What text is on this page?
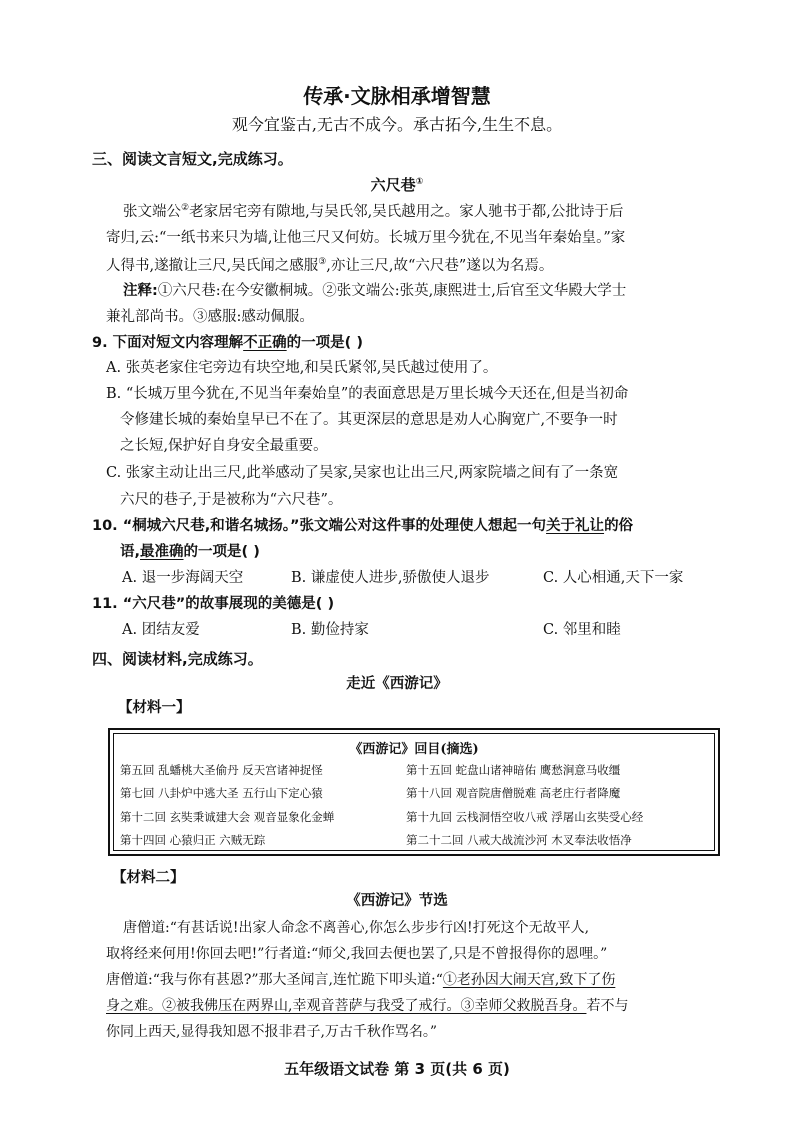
传承·文脉相承增智慧
观今宜鉴古,无古不成今。承古拓今,生生不息。
三、阅读文言短文,完成练习。
六尺巷①
张文端公②老家居宅旁有隙地,与吴氏邻,吴氏越用之。家人驰书于都,公批诗于后
寄归,云:“一纸书来只为墙,让他三尺又何妨。长城万里今犹在,不见当年秦始皇。”家
人得书,遂撤让三尺,吴氏闻之感服③,亦让三尺,故“六尺巷”遂以为名焉。
注释:①六尺巷:在今安徽桐城。②张文端公:张英,康熙进士,后官至文华殿大学士
兼礼部尚书。③感服:感动佩服。
9. 下面对短文内容理解不正确的一项是( )
A. 张英老家住宅旁边有块空地,和吴氏紧邻,吴氏越过使用了。
B. “长城万里今犹在,不见当年秦始皇”的表面意思是万里长城今天还在,但是当初命
令修建长城的秦始皇早已不在了。其更深层的意思是劝人心胸宽广,不要争一时
之长短,保护好自身安全最重要。
C. 张家主动让出三尺,此举感动了吴家,吴家也让出三尺,两家院墙之间有了一条宽
六尺的巷子,于是被称为“六尺巷”。
10. “桐城六尺巷,和谐名城扬。”张文端公对这件事的处理使人想起一句关于礼让的俗
语,最准确的一项是( )
A. 退一步海阔天空	B. 谦虚使人进步,骄傲使人退步	C. 人心相通,天下一家
11. “六尺巷”的故事展现的美德是( )
A. 团结友爱	B. 勤俭持家	C. 邻里和睦
四、阅读材料,完成练习。
走近《西游记》
【材料一】
《西游记》回目(摘选)
第五回 乱蟠桃大圣偷丹 反天宫诸神捉怪	第十五回 蛇盘山诸神暗佑 鹰愁涧意马收缰
第七回 八卦炉中逃大圣 五行山下定心猿	第十八回 观音院唐僧脱难 高老庄行者降魔
第十二回 玄奘秉诚建大会 观音显象化金蝉	第十九回 云栈洞悟空收八戒 浮屠山玄奘受心经
第十四回 心猿归正 六贼无踪	第二十二回 八戒大战流沙河 木叉奉法收悟净
【材料二】
《西游记》节选
唐僧道:“有甚话说!出家人命念不离善心,你怎么步步行凶!打死这个无故平人,
取将经来何用!你回去吧!”行者道:“师父,我回去便也罢了,只是不曾报得你的恩哩。”
唐僧道:“我与你有甚恩?”那大圣闻言,连忙跪下叩头道:“①老孙因大闹天宫,致下了伤
身之难。②被我佛压在两界山,幸观音菩萨与我受了戒行。③幸师父救脱吾身。若不与
你同上西天,显得我知恩不报非君子,万古千秋作骂名。”
五年级语文试卷 第 3 页(共 6 页)
